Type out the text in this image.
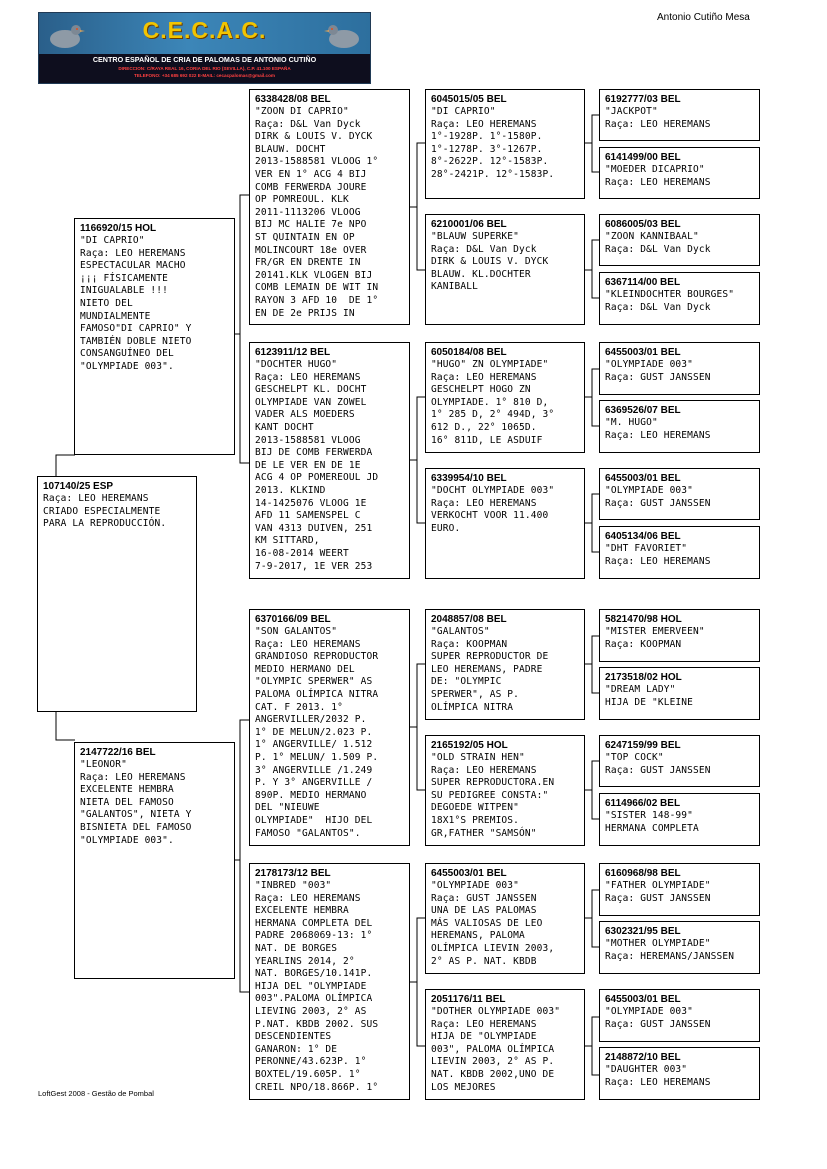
C.E.C.A.C.
CENTRO ESPAÑOL DE CRIA DE PALOMAS DE ANTONIO CUTIÑO
DIRECCION: C/RAYA REAL 16, CORIA DEL RIO (SEVILLA), C.P. 41.100 ESPAÑA
TELEFONO: +34 685 692 022 E-MAIL: cecacpalomas@gmail.com
Antonio Cutiño Mesa
107140/25 ESP
Raça: LEO HEREMANS
CRIADO ESPECIALMENTE
PARA LA REPRODUCCIÓN.
1166920/15 HOL
"DI CAPRIO"
Raça: LEO HEREMANS
ESPECTACULAR MACHO
¡¡¡ FÍSICAMENTE
INIGUALABLE !!!
NIETO DEL
MUNDIALMENTE
FAMOSO"DI CAPRIO" Y
TAMBIÉN DOBLE NIETO
CONSANGUÍNEO DEL
"OLYMPIADE 003".
2147722/16 BEL
"LEONOR"
Raça: LEO HEREMANS
EXCELENTE HEMBRA
NIETA DEL FAMOSO
"GALANTOS", NIETA Y
BISNIETA DEL FAMOSO
"OLYMPIADE 003".
6338428/08 BEL
"ZOON DI CAPRIO"
Raça: D&L Van Dyck
DIRK & LOUIS V. DYCK
BLAUW. DOCHT
2013-1588581 VLOOG 1°
VER EN 1° ACG 4 BIJ
COMB FERWERDA JOURE
OP POMREOUL. KLK
2011-1113206 VLOOG
BIJ MC HALIE 7e NPO
ST QUINTAIN EN OP
MOLINCOURT 18e OVER
FR/GR EN DRENTE IN
20141.KLK VLOGEN BIJ
COMB LEMAIN DE WIT IN
RAYON 3 AFD 10  DE 1°
EN DE 2e PRIJS IN
6123911/12 BEL
"DOCHTER HUGO"
Raça: LEO HEREMANS
GESCHELPT KL. DOCHT
OLYMPIADE VAN ZOWEL
VADER ALS MOEDERS
KANT DOCHT
2013-1588581 VLOOG
BIJ DE COMB FERWERDA
DE LE VER EN DE 1E
ACG 4 OP POMEREOUL JD
2013. KLKIND
14-1425076 VLOOG 1E
AFD 11 SAMENSPEL C
VAN 4313 DUIVEN, 251
KM SITTARD,
16-08-2014 WEERT
7-9-2017, 1E VER 253
6370166/09 BEL
"SON GALANTOS"
Raça: LEO HEREMANS
GRANDIOSO REPRODUCTOR
MEDIO HERMANO DEL
"OLYMPIC SPERWER" AS
PALOMA OLÍMPICA NITRA
CAT. F 2013. 1°
ANGERVILLER/2032 P.
1° DE MELUN/2.023 P.
1° ANGERVILLE/ 1.512
P. 1° MELUN/ 1.509 P.
3° ANGERVILLE /1.249
P. Y 3° ANGERVILLE /
890P. MEDIO HERMANO
DEL "NIEUWE
OLYMPIADE"  HIJO DEL
FAMOSO "GALANTOS".
2178173/12 BEL
"INBRED "003"
Raça: LEO HEREMANS
EXCELENTE HEMBRA
HERMANA COMPLETA DEL
PADRE 2068069-13: 1°
NAT. DE BORGES
YEARLINS 2014, 2°
NAT. BORGES/10.141P.
HIJA DEL "OLYMPIADE
003".PALOMA OLÍMPICA
LIEVING 2003, 2° AS
P.NAT. KBDB 2002. SUS
DESCENDIENTES
GANARON: 1° DE
PERONNE/43.623P. 1°
BOXTEL/19.605P. 1°
CREIL NPO/18.866P. 1°
6045015/05 BEL
"DI CAPRIO"
Raça: LEO HEREMANS
1°-1928P. 1°-1580P.
1°-1278P. 3°-1267P.
8°-2622P. 12°-1583P.
28°-2421P. 12°-1583P.
6210001/06 BEL
"BLAUW SUPERKE"
Raça: D&L Van Dyck
DIRK & LOUIS V. DYCK
BLAUW. KL.DOCHTER
KANIBALL
6050184/08 BEL
"HUGO" ZN OLYMPIADE"
Raça: LEO HEREMANS
GESCHELPT HOGO ZN
OLYMPIADE. 1° 810 D,
1° 285 D, 2° 494D, 3°
612 D., 22° 1065D.
16° 811D, LE ASDUIF
6339954/10 BEL
"DOCHT OLYMPIADE 003"
Raça: LEO HEREMANS
VERKOCHT VOOR 11.400
EURO.
2048857/08 BEL
"GALANTOS"
Raça: KOOPMAN
SUPER REPRODUCTOR DE
LEO HEREMANS, PADRE
DE: "OLYMPIC
SPERWER", AS P.
OLÍMPICA NITRA
2165192/05 HOL
"OLD STRAIN HEN"
Raça: LEO HEREMANS
SUPER REPRODUCTORA.EN
SU PEDIGREE CONSTA:"
DEGOEDE WITPEN"
18X1°S PREMIOS.
GR,FATHER "SAMSÓN"
6455003/01 BEL
"OLYMPIADE 003"
Raça: GUST JANSSEN
UNA DE LAS PALOMAS
MÁS VALIOSAS DE LEO
HEREMANS, PALOMA
OLÍMPICA LIEVIN 2003,
2° AS P. NAT. KBDB
2051176/11 BEL
"DOTHER OLYMPIADE 003"
Raça: LEO HEREMANS
HIJA DE "OLYMPIADE
003", PALOMA OLÍMPICA
LIEVIN 2003, 2° AS P.
NAT. KBDB 2002,UNO DE
LOS MEJORES
6192777/03 BEL
"JACKPOT"
Raça: LEO HEREMANS
6141499/00 BEL
"MOEDER DICAPRIO"
Raça: LEO HEREMANS
6086005/03 BEL
"ZOON KANNIBAAL"
Raça: D&L Van Dyck
6367114/00 BEL
"KLEINDOCHTER BOURGES"
Raça: D&L Van Dyck
6455003/01 BEL
"OLYMPIADE 003"
Raça: GUST JANSSEN
6369526/07 BEL
"M. HUGO"
Raça: LEO HEREMANS
6455003/01 BEL
"OLYMPIADE 003"
Raça: GUST JANSSEN
6405134/06 BEL
"DHT FAVORIET"
Raça: LEO HEREMANS
5821470/98 HOL
"MISTER EMERVEEN"
Raça: KOOPMAN
2173518/02 HOL
"DREAM LADY"
HIJA DE "KLEINE
6247159/99 BEL
"TOP COCK"
Raça: GUST JANSSEN
6114966/02 BEL
"SISTER 148-99"
HERMANA COMPLETA
6160968/98 BEL
"FATHER OLYMPIADE"
Raça: GUST JANSSEN
6302321/95 BEL
"MOTHER OLYMPIADE"
Raça: HEREMANS/JANSSEN
6455003/01 BEL
"OLYMPIADE 003"
Raça: GUST JANSSEN
2148872/10 BEL
"DAUGHTER 003"
Raça: LEO HEREMANS
LoftGest 2008 - Gestão de Pombal
